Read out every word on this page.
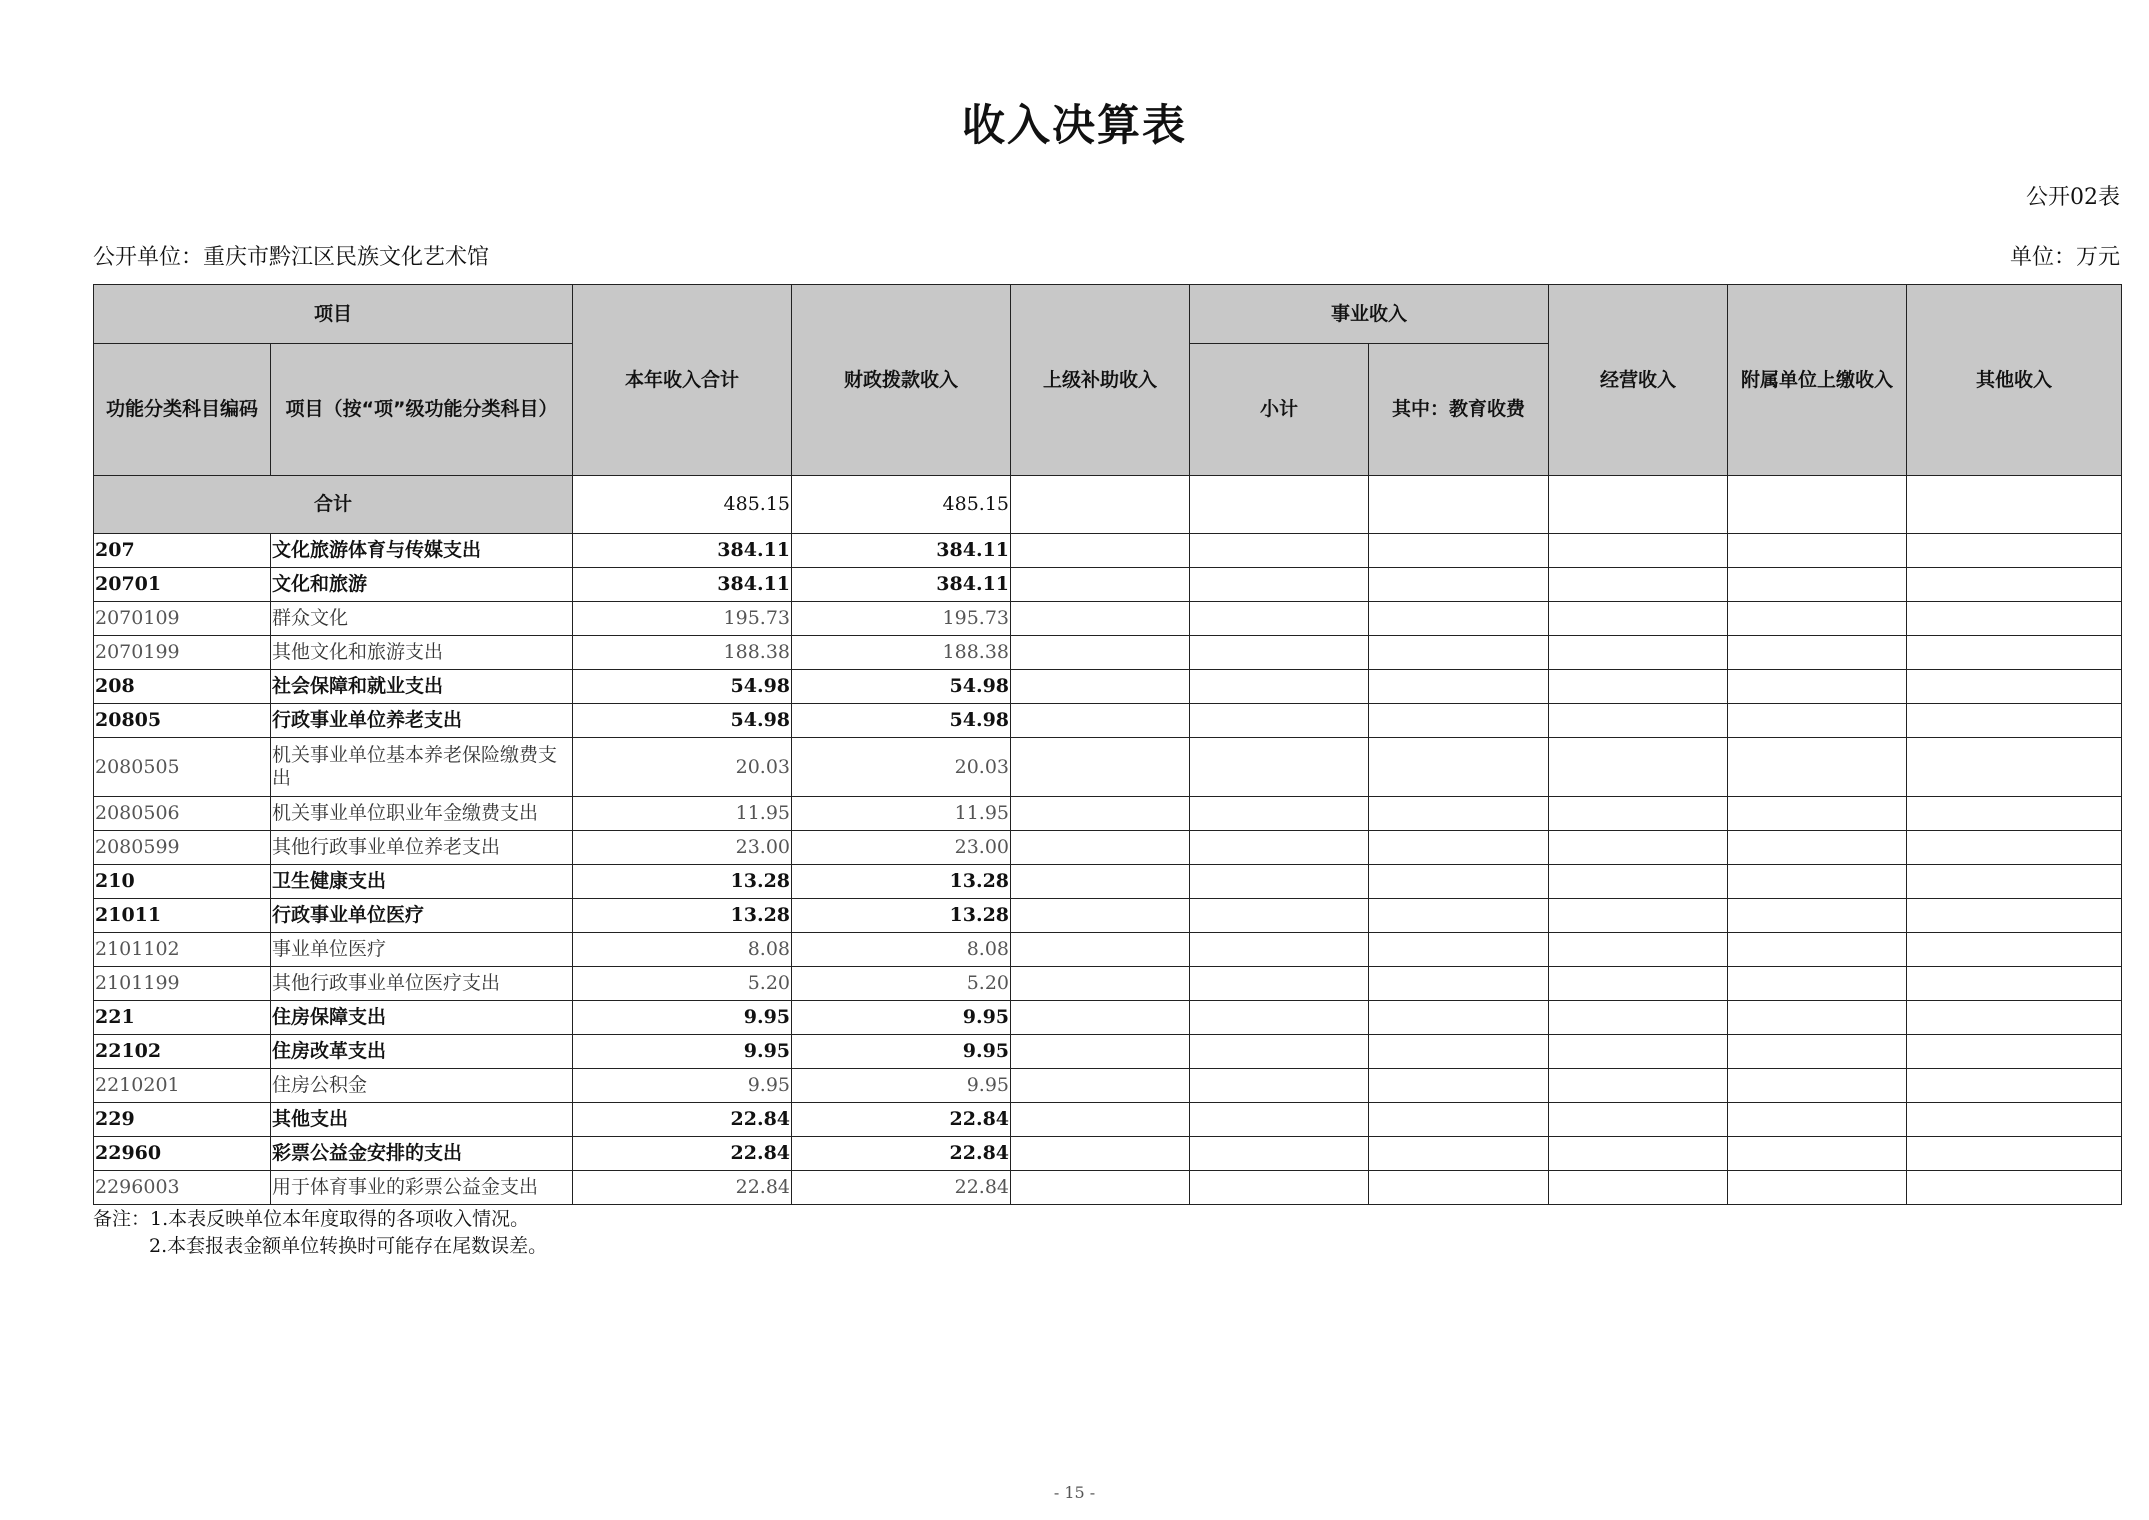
收入决算表
公开02表
公开单位：重庆市黔江区民族文化艺术馆	单位：万元
项目		本年收入合计	财政拨款收入	上级补助收入	事业收入		经营收入	附属单位上缴收入	其他收入
功能分类科目编码	项目（按“项”级功能分类科目）				小计	其中：教育收费			
合计		485.15	485.15						
207	文化旅游体育与传媒支出	384.11	384.11						
20701	文化和旅游	384.11	384.11						
2070109	群众文化	195.73	195.73						
2070199	其他文化和旅游支出	188.38	188.38						
208	社会保障和就业支出	54.98	54.98						
20805	行政事业单位养老支出	54.98	54.98						
2080505	机关事业单位基本养老保险缴费支出	20.03	20.03						
2080506	机关事业单位职业年金缴费支出	11.95	11.95						
2080599	其他行政事业单位养老支出	23.00	23.00						
210	卫生健康支出	13.28	13.28						
21011	行政事业单位医疗	13.28	13.28						
2101102	事业单位医疗	8.08	8.08						
2101199	其他行政事业单位医疗支出	5.20	5.20						
221	住房保障支出	9.95	9.95						
22102	住房改革支出	9.95	9.95						
2210201	住房公积金	9.95	9.95						
229	其他支出	22.84	22.84						
22960	彩票公益金安排的支出	22.84	22.84						
2296003	用于体育事业的彩票公益金支出	22.84	22.84						
备注：1.本表反映单位本年度取得的各项收入情况。
2.本套报表金额单位转换时可能存在尾数误差。
- 15 -
